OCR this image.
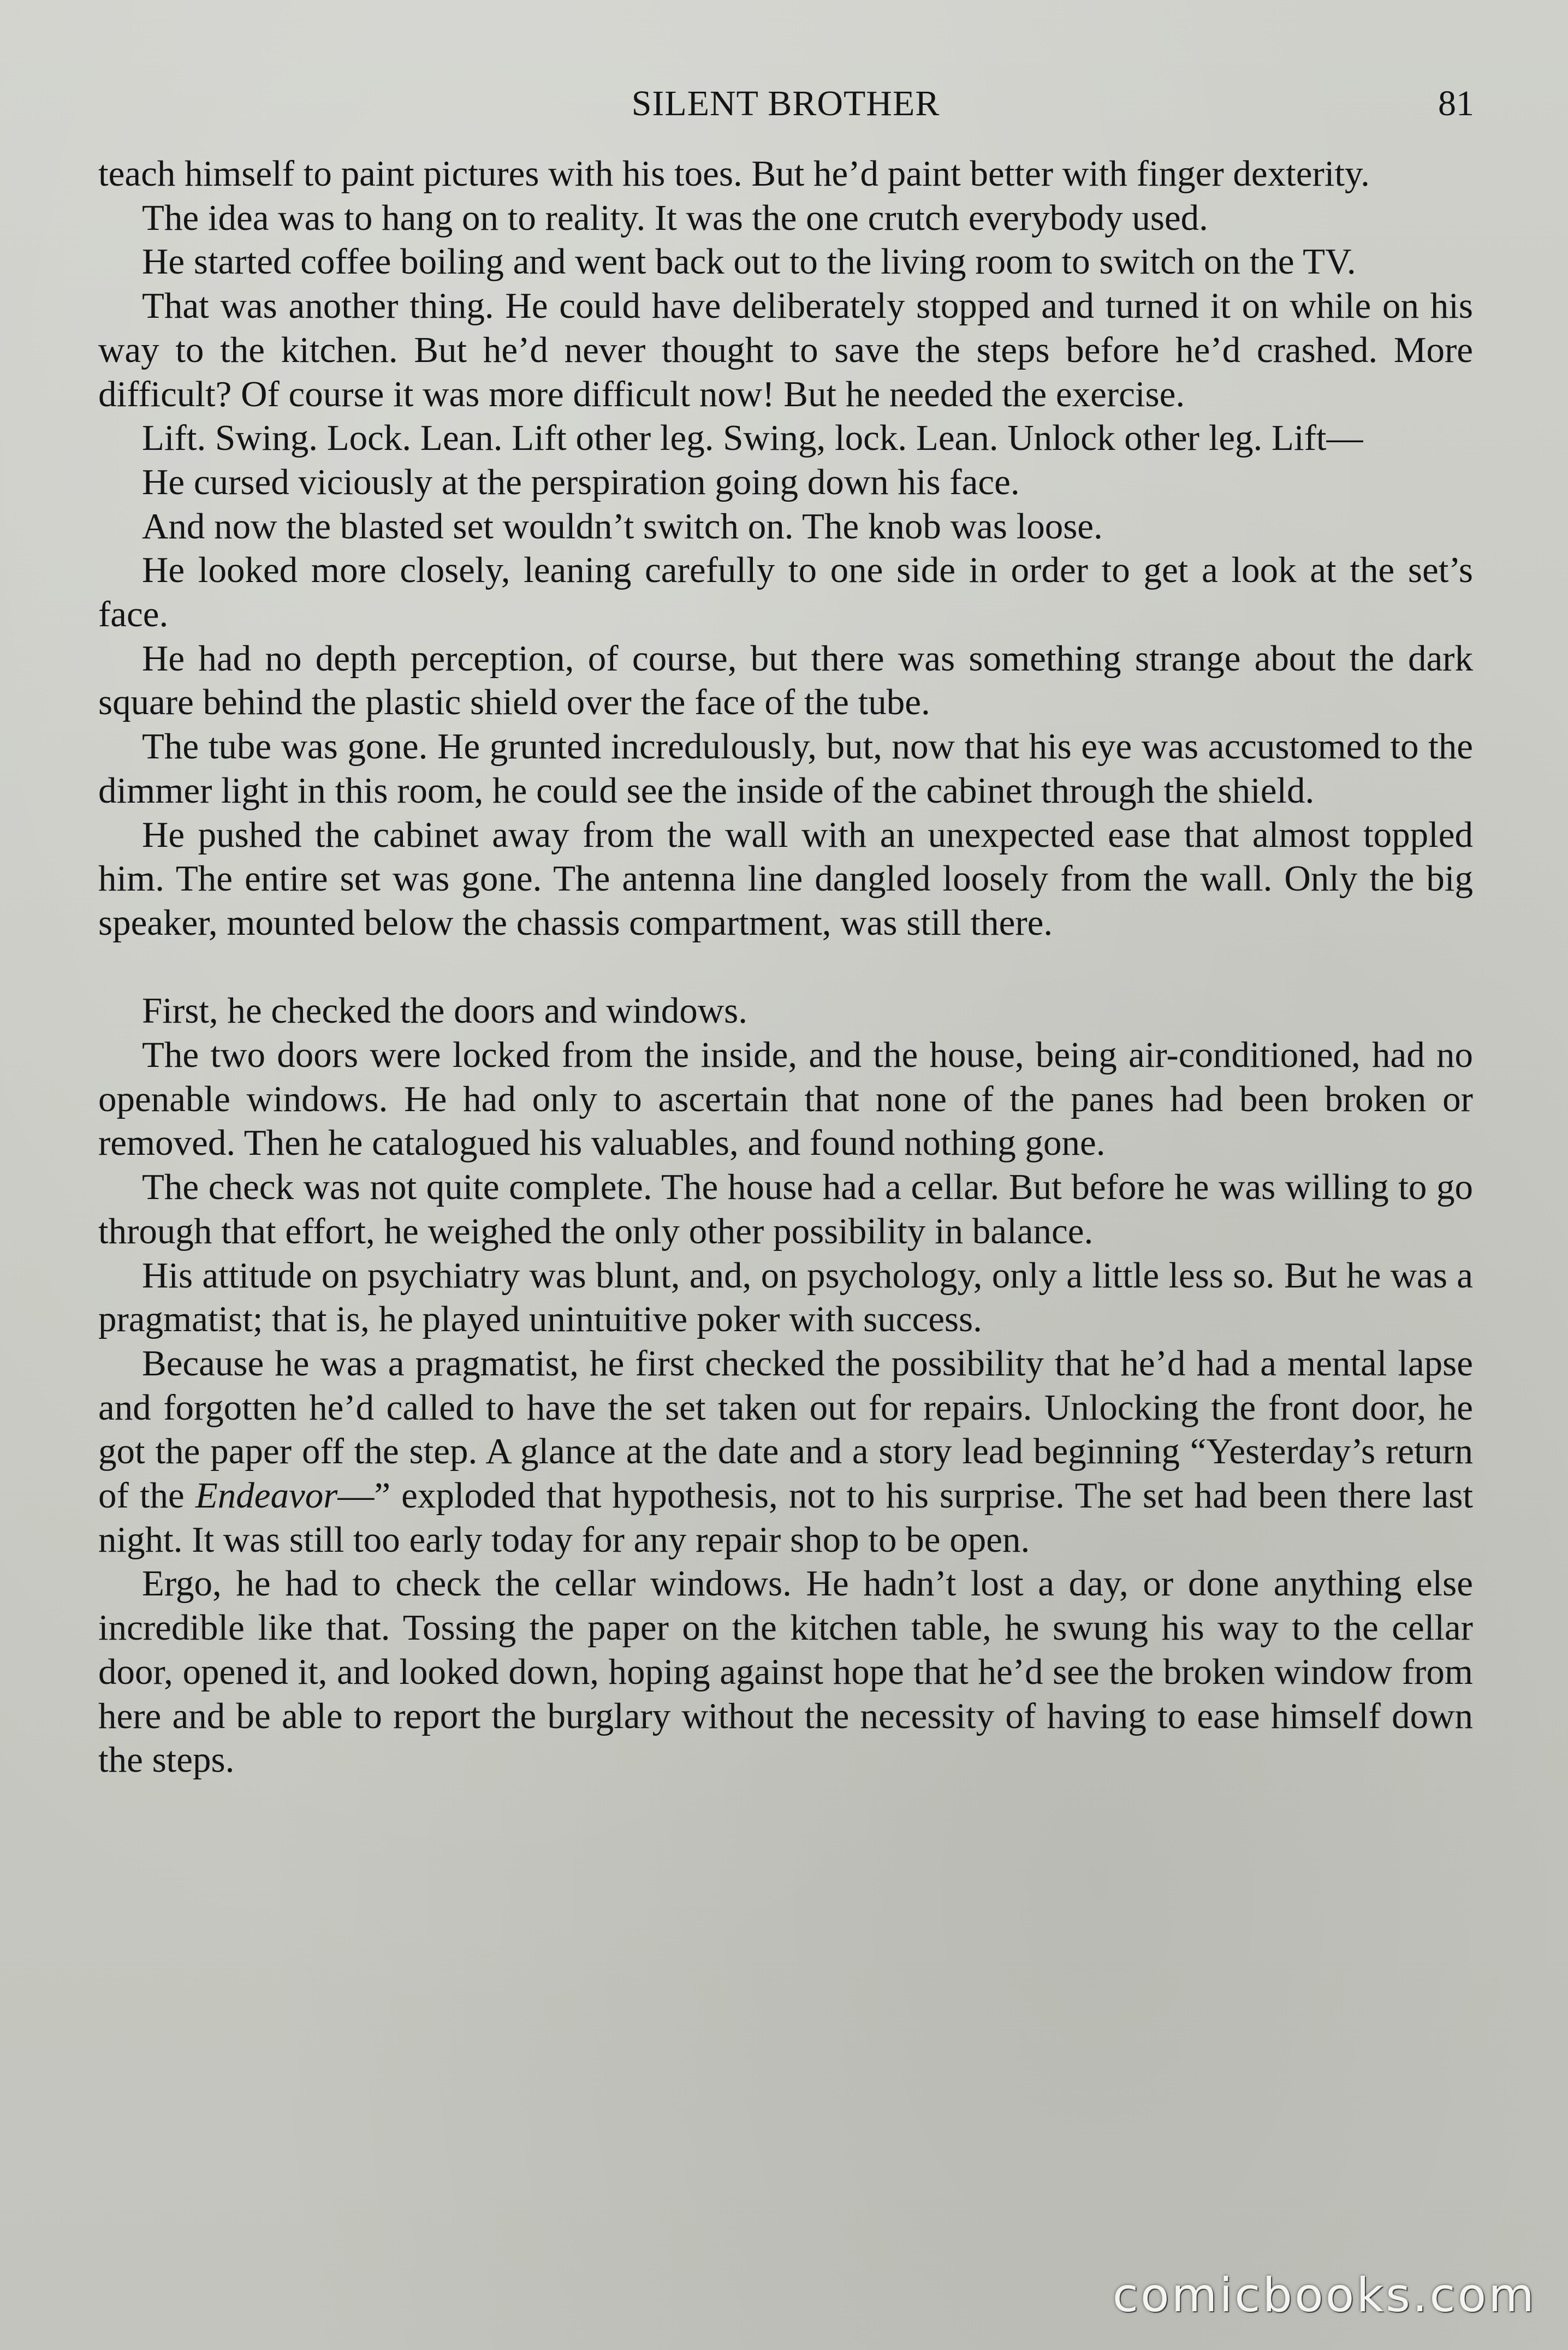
SILENT BROTHER	81

teach himself to paint pictures with his toes. But he’d paint better with finger dexterity.

The idea was to hang on to reality. It was the one crutch everybody used.

He started coffee boiling and went back out to the living room to switch on the TV.

That was another thing. He could have deliberately stopped and turned it on while on his way to the kitchen. But he’d never thought to save the steps before he’d crashed. More difficult? Of course it was more difficult now! But he needed the exercise.

Lift. Swing. Lock. Lean. Lift other leg. Swing, lock. Lean. Unlock other leg. Lift—

He cursed viciously at the perspiration going down his face.

And now the blasted set wouldn’t switch on. The knob was loose.

He looked more closely, leaning carefully to one side in order to get a look at the set’s face.

He had no depth perception, of course, but there was something strange about the dark square behind the plastic shield over the face of the tube.

The tube was gone. He grunted incredulously, but, now that his eye was accustomed to the dimmer light in this room, he could see the inside of the cabinet through the shield.

He pushed the cabinet away from the wall with an unexpected ease that almost toppled him. The entire set was gone. The antenna line dangled loosely from the wall. Only the big speaker, mounted below the chassis compartment, was still there.

First, he checked the doors and windows.

The two doors were locked from the inside, and the house, being air-conditioned, had no openable windows. He had only to ascertain that none of the panes had been broken or removed. Then he catalogued his valuables, and found nothing gone.

The check was not quite complete. The house had a cellar. But before he was willing to go through that effort, he weighed the only other possibility in balance.

His attitude on psychiatry was blunt, and, on psychology, only a little less so. But he was a pragmatist; that is, he played unintuitive poker with success.

Because he was a pragmatist, he first checked the possibility that he’d had a mental lapse and forgotten he’d called to have the set taken out for repairs. Unlocking the front door, he got the paper off the step. A glance at the date and a story lead beginning “Yesterday’s return of the Endeavor—” exploded that hypothesis, not to his surprise. The set had been there last night. It was still too early today for any repair shop to be open.

Ergo, he had to check the cellar windows. He hadn’t lost a day, or done anything else incredible like that. Tossing the paper on the kitchen table, he swung his way to the cellar door, opened it, and looked down, hoping against hope that he’d see the broken window from here and be able to report the burglary without the necessity of having to ease himself down the steps.

comicbooks.com
